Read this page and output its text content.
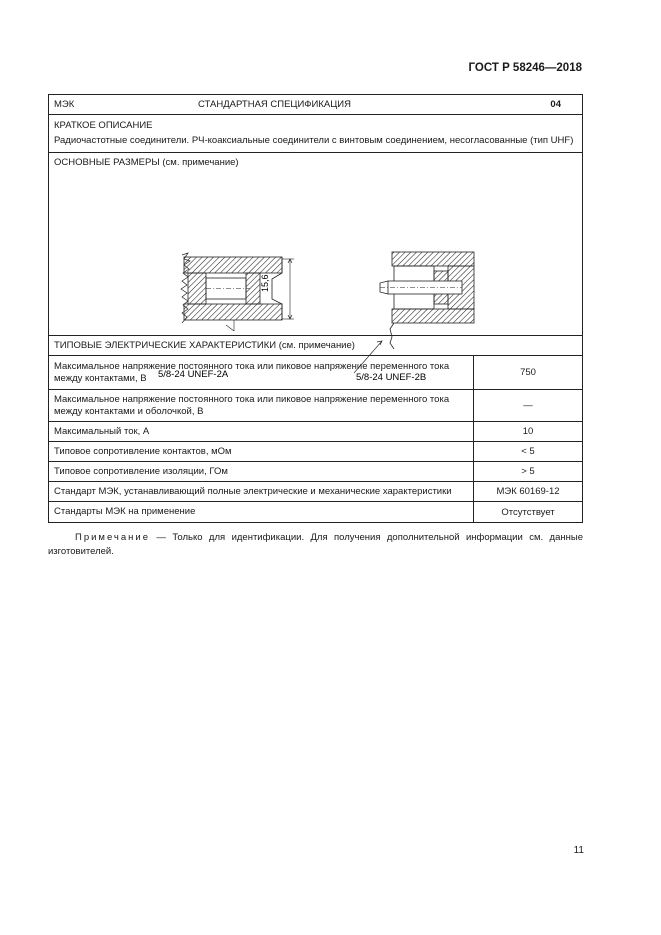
ГОСТ Р 58246—2018
МЭК	СТАНДАРТНАЯ СПЕЦИФИКАЦИЯ	04
КРАТКОЕ ОПИСАНИЕ
Радиочастотные соединители. РЧ-коаксиальные соединители с винтовым соединением, несогласованные (тип UHF)
ОСНОВНЫЕ РАЗМЕРЫ (см. примечание)
15,6
5/8-24 UNEF-2A	5/8-24 UNEF-2B
ТИПОВЫЕ ЭЛЕКТРИЧЕСКИЕ ХАРАКТЕРИСТИКИ (см. примечание)
Максимальное напряжение постоянного тока или пиковое напряжение переменного тока между контактами, В	750
Максимальное напряжение постоянного тока или пиковое напряжение переменного тока между контактами и оболочкой, В	—
Максимальный ток, А	10
Типовое сопротивление контактов, мОм	< 5
Типовое сопротивление изоляции, ГОм	> 5
Стандарт МЭК, устанавливающий полные электрические и механические характеристики	МЭК 60169-12
Стандарты МЭК на применение	Отсутствует
Примечание — Только для идентификации. Для получения дополнительной информации см. данные изготовителей.
11
